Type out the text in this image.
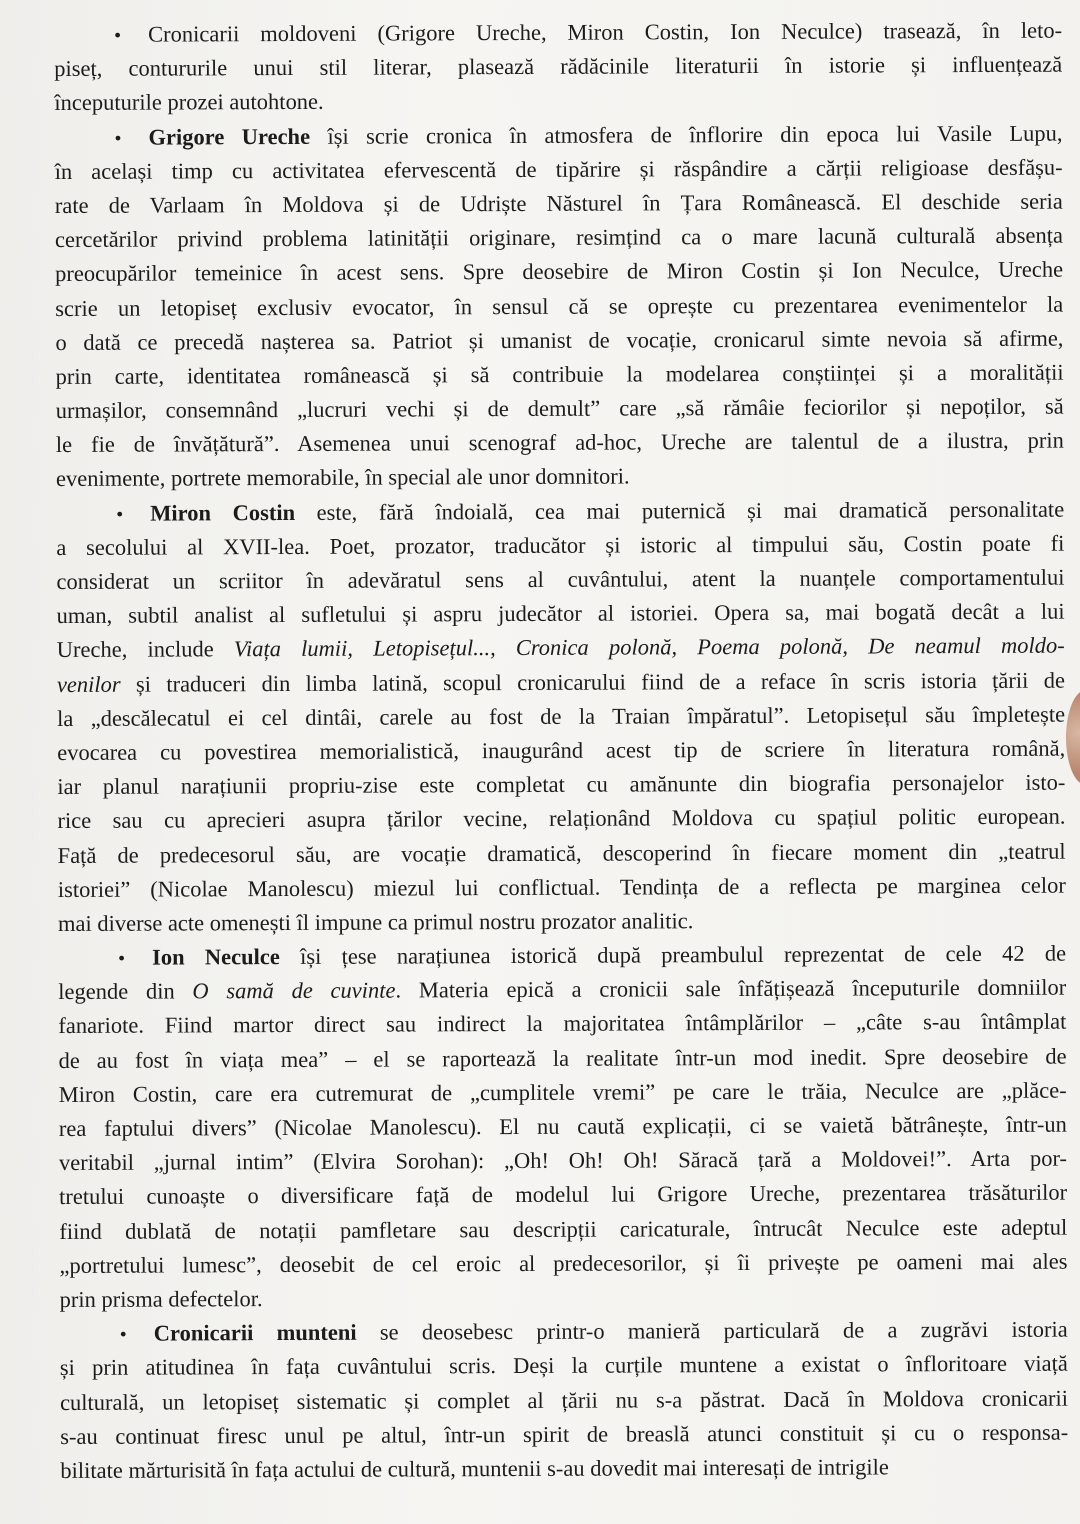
• Cronicarii moldoveni (Grigore Ureche, Miron Costin, Ion Neculce) trasează, în leto-
piseț, contururile unui stil literar, plasează rădăcinile literaturii în istorie și influențează
începuturile prozei autohtone.
• Grigore Ureche își scrie cronica în atmosfera de înflorire din epoca lui Vasile Lupu,
în același timp cu activitatea efervescentă de tipărire și răspândire a cărții religioase desfășu-
rate de Varlaam în Moldova și de Udriște Năsturel în Țara Românească. El deschide seria
cercetărilor privind problema latinității originare, resimțind ca o mare lacună culturală absența
preocupărilor temeinice în acest sens. Spre deosebire de Miron Costin și Ion Neculce, Ureche
scrie un letopiseț exclusiv evocator, în sensul că se oprește cu prezentarea evenimentelor la
o dată ce precedă nașterea sa. Patriot și umanist de vocație, cronicarul simte nevoia să afirme,
prin carte, identitatea românească și să contribuie la modelarea conștiinței și a moralității
urmașilor, consemnând „lucruri vechi și de demult” care „să rămâie feciorilor și nepoților, să
le fie de învățătură”. Asemenea unui scenograf ad-hoc, Ureche are talentul de a ilustra, prin
evenimente, portrete memorabile, în special ale unor domnitori.
• Miron Costin este, fără îndoială, cea mai puternică și mai dramatică personalitate
a secolului al XVII-lea. Poet, prozator, traducător și istoric al timpului său, Costin poate fi
considerat un scriitor în adevăratul sens al cuvântului, atent la nuanțele comportamentului
uman, subtil analist al sufletului și aspru judecător al istoriei. Opera sa, mai bogată decât a lui
Ureche, include Viața lumii, Letopisețul..., Cronica polonă, Poema polonă, De neamul moldo-
venilor și traduceri din limba latină, scopul cronicarului fiind de a reface în scris istoria țării de
la „descălecatul ei cel dintâi, carele au fost de la Traian împăratul”. Letopisețul său împletește
evocarea cu povestirea memorialistică, inaugurând acest tip de scriere în literatura română,
iar planul narațiunii propriu-zise este completat cu amănunte din biografia personajelor isto-
rice sau cu aprecieri asupra țărilor vecine, relaționând Moldova cu spațiul politic european.
Față de predecesorul său, are vocație dramatică, descoperind în fiecare moment din „teatrul
istoriei” (Nicolae Manolescu) miezul lui conflictual. Tendința de a reflecta pe marginea celor
mai diverse acte omenești îl impune ca primul nostru prozator analitic.
• Ion Neculce își țese narațiunea istorică după preambulul reprezentat de cele 42 de
legende din O samă de cuvinte. Materia epică a cronicii sale înfățișează începuturile domniilor
fanariote. Fiind martor direct sau indirect la majoritatea întâmplărilor – „câte s-au întâmplat
de au fost în viața mea” – el se raportează la realitate într-un mod inedit. Spre deosebire de
Miron Costin, care era cutremurat de „cumplitele vremi” pe care le trăia, Neculce are „plăce-
rea faptului divers” (Nicolae Manolescu). El nu caută explicații, ci se vaietă bătrânește, într-un
veritabil „jurnal intim” (Elvira Sorohan): „Oh! Oh! Oh! Săracă țară a Moldovei!”. Arta por-
tretului cunoaște o diversificare față de modelul lui Grigore Ureche, prezentarea trăsăturilor
fiind dublată de notații pamfletare sau descripții caricaturale, întrucât Neculce este adeptul
„portretului lumesc”, deosebit de cel eroic al predecesorilor, și îi privește pe oameni mai ales
prin prisma defectelor.
• Cronicarii munteni se deosebesc printr-o manieră particulară de a zugrăvi istoria
și prin atitudinea în fața cuvântului scris. Deși la curțile muntene a existat o înfloritoare viață
culturală, un letopiseț sistematic și complet al țării nu s-a păstrat. Dacă în Moldova cronicarii
s-au continuat firesc unul pe altul, într-un spirit de breaslă atunci constituit și cu o responsa-
bilitate mărturisită în fața actului de cultură, muntenii s-au dovedit mai interesați de intrigile
